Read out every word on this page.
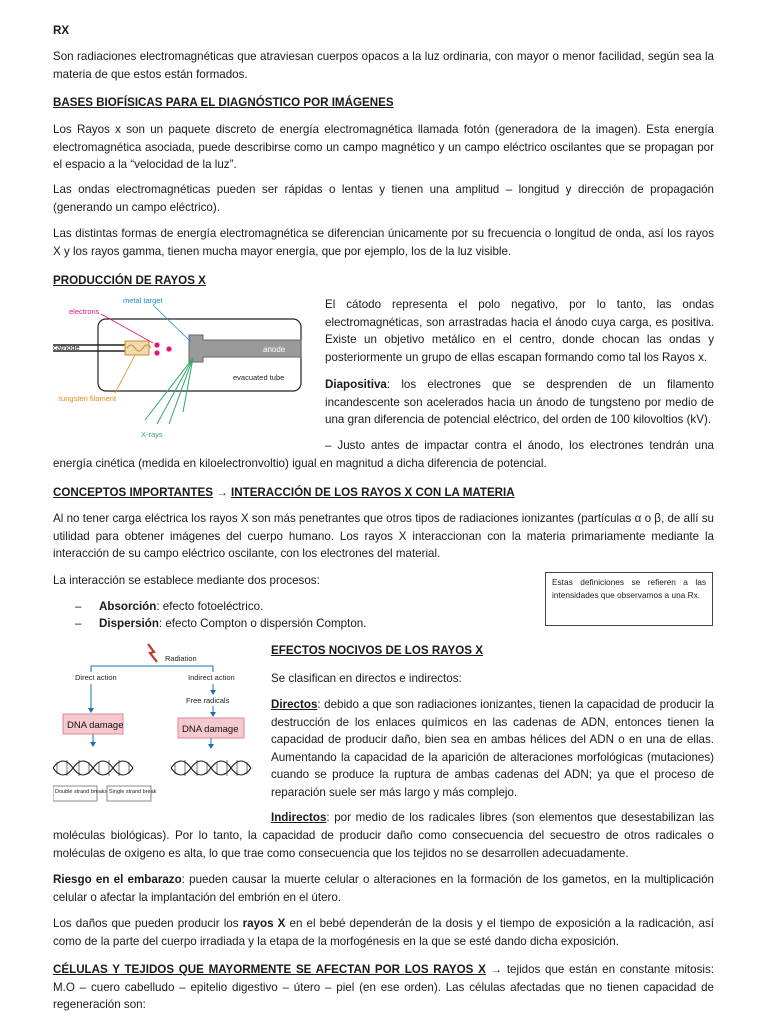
RX
Son radiaciones electromagnéticas que atraviesan cuerpos opacos a la luz ordinaria, con mayor o menor facilidad, según sea la materia de que estos están formados.
BASES BIOFÍSICAS PARA EL DIAGNÓSTICO POR IMÁGENES
Los Rayos x son un paquete discreto de energía electromagnética llamada fotón (generadora de la imagen). Esta energía electromagnética asociada, puede describirse como un campo magnético y un campo eléctrico oscilantes que se propagan por el espacio a la “velocidad de la luz”.
Las ondas electromagnéticas pueden ser rápidas o lentas y tienen una amplitud – longitud y dirección de propagación (generando un campo eléctrico).
Las distintas formas de energía electromagnética se diferencian únicamente por su frecuencia o longitud de onda, así los rayos X y los rayos gamma, tienen mucha mayor energía, que por ejemplo, los de la luz visible.
PRODUCCIÓN DE RAYOS X
anode
evacuated tube
cathode
metal target
electrons
tungsten filament
X-rays
El cátodo representa el polo negativo, por lo tanto, las ondas electromagnéticas, son arrastradas hacia el ánodo cuya carga, es positiva. Existe un objetivo metálico en el centro, donde chocan las ondas y posteriormente un grupo de ellas escapan formando como tal los Rayos x.
Diapositiva: los electrones que se desprenden de un filamento incandescente son acelerados hacia un ánodo de tungsteno por medio de una gran diferencia de potencial eléctrico, del orden de 100 kilovoltios (kV).
– Justo antes de impactar contra el ánodo, los electrones tendrán una
energía cinética (medida en kiloelectronvoltio) igual en magnitud a dicha diferencia de potencial.
CONCEPTOS IMPORTANTES → INTERACCIÓN DE LOS RAYOS X CON LA MATERIA
Al no tener carga eléctrica los rayos X son más penetrantes que otros tipos de radiaciones ionizantes (partículas α o β, de allí su utilidad para obtener imágenes del cuerpo humano. Los rayos X interaccionan con la materia primariamente mediante la interacción de su campo eléctrico oscilante, con los electrones del material.
La interacción se establece mediante dos procesos:
– Absorción: efecto fotoeléctrico.
– Dispersión: efecto Compton o dispersión Compton.
Estas definiciones se refieren a las intensidades que observamos a una Rx.
Radiation
Direct action	Indirect action
Free radicals
DNA damage	DNA damage
Double strand breaks Single strand break
EFECTOS NOCIVOS DE LOS RAYOS X
Se clasifican en directos e indirectos:
Directos: debido a que son radiaciones ionizantes, tienen la capacidad de producir la destrucción de los enlaces químicos en las cadenas de ADN, entonces tienen la capacidad de producir daño, bien sea en ambas hélices del ADN o en una de ellas. Aumentando la capacidad de la aparición de alteraciones morfológicas (mutaciones) cuando se produce la ruptura de ambas cadenas del ADN; ya que el proceso de reparación suele ser más largo y más complejo.
Indirectos: por medio de los radicales libres (son elementos que desestabilizan las
moléculas biológicas). Por lo tanto, la capacidad de producir daño como consecuencia del secuestro de otros radicales o moléculas de oxigeno es alta, lo que trae como consecuencia que los tejidos no se desarrollen adecuadamente.
Riesgo en el embarazo: pueden causar la muerte celular o alteraciones en la formación de los gametos, en la multiplicación celular o afectar la implantación del embrión en el útero.
Los daños que pueden producir los rayos X en el bebé dependerán de la dosis y el tiempo de exposición a la radicación, así como de la parte del cuerpo irradiada y la etapa de la morfogénesis en la que se esté dando dicha exposición.
CÉLULAS Y TEJIDOS QUE MAYORMENTE SE AFECTAN POR LOS RAYOS X → tejidos que están en constante mitosis: M.O – cuero cabelludo – epitelio digestivo – útero – piel (en ese orden). Las células afectadas que no tienen capacidad de regeneración son:
